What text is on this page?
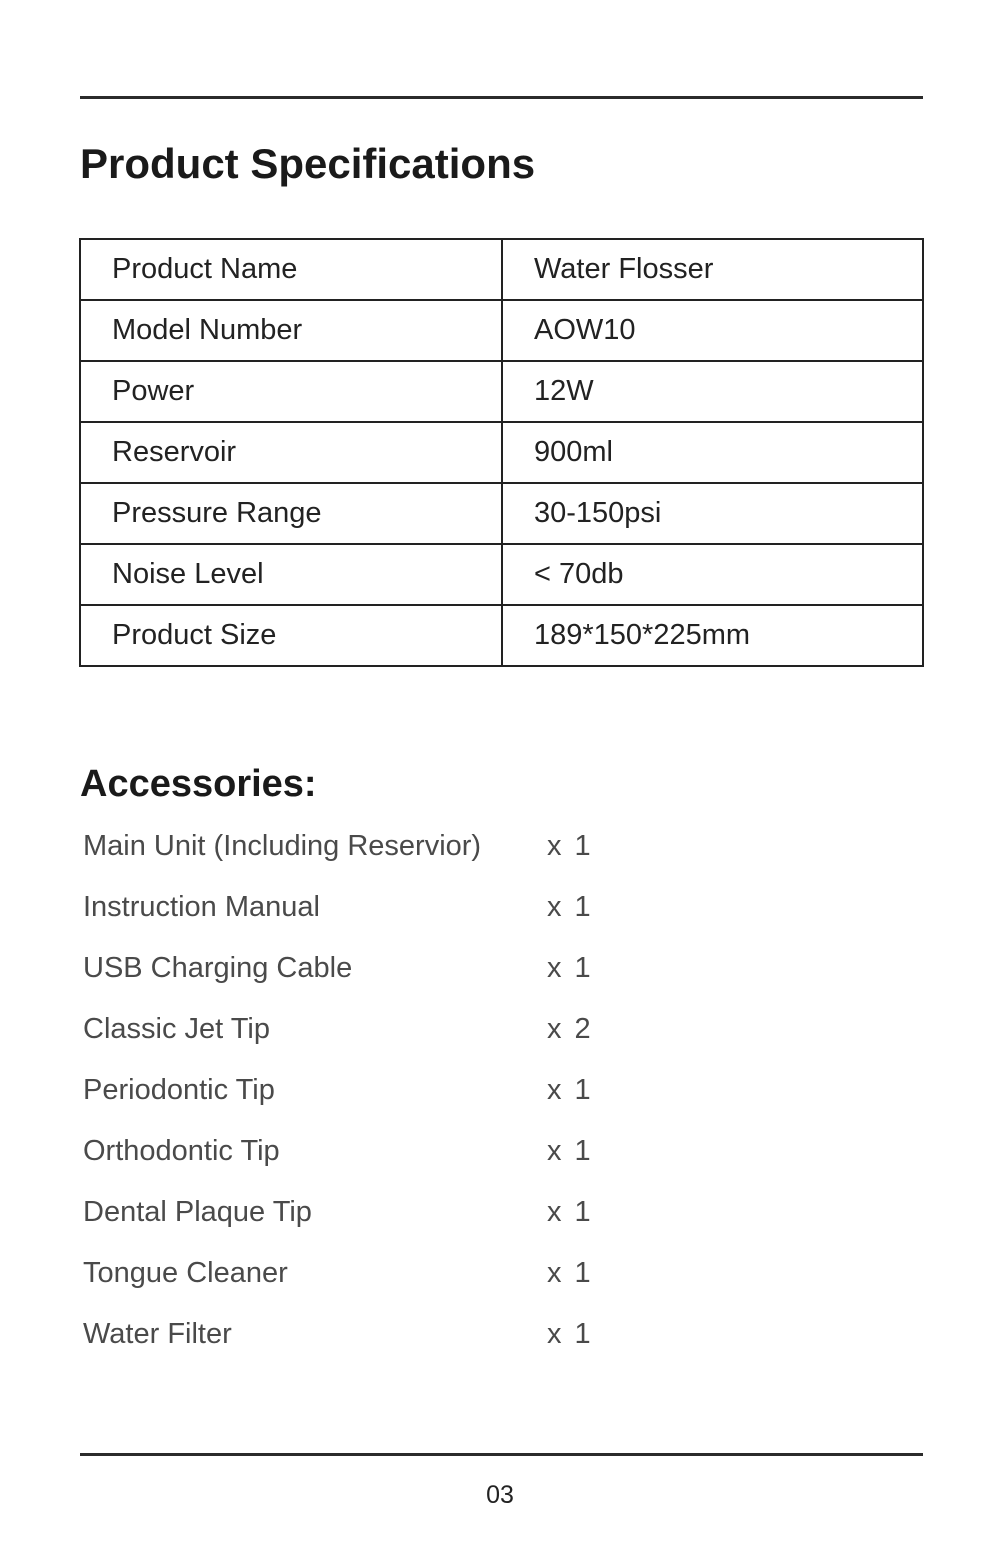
Product Specifications
Product Name	Water Flosser
Model Number	AOW10
Power	12W
Reservoir	900ml
Pressure Range	30-150psi
Noise Level	< 70db
Product Size	189*150*225mm
Accessories:
Main Unit (Including Reservior) x 1
Instruction Manual	x 1
USB Charging Cable	x 1
Classic Jet Tip	x 2
Periodontic Tip	x 1
Orthodontic Tip	x 1
Dental Plaque Tip	x 1
Tongue Cleaner	x 1
Water Filter	x 1
03
